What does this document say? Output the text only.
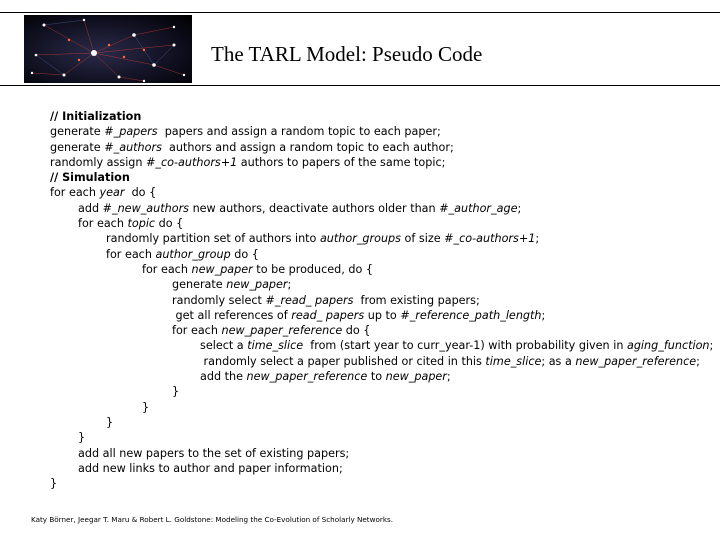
The TARL Model: Pseudo Code
// Initialization
generate #_papers papers and assign a random topic to each paper;
generate #_authors authors and assign a random topic to each author;
randomly assign #_co-authors+1 authors to papers of the same topic;
// Simulation
for each year do {
add #_new_authors new authors, deactivate authors older than #_author_age ;
for each topic do {
randomly partition set of authors into author_groups of size #_co-authors+1 ;
for each author_group do {
for each new_paper to be produced, do {
generate new_paper ;
randomly select #_read_ papers from existing papers;
get all references of read_ papers up to #_reference_path_length ;
for each new_paper_reference do {
select a time_slice from (start year to curr_year-1) with probability given in aging_function ;
randomly select a paper published or cited in this time_slice ; as a new_paper_reference ;
add the new_paper_reference to new_paper ;
}
}
}
}
add all new papers to the set of existing papers;
add new links to author and paper information;
}
Katy Börner, Jeegar T. Maru & Robert L. Goldstone: Modeling the Co-Evolution of Scholarly Networks.
